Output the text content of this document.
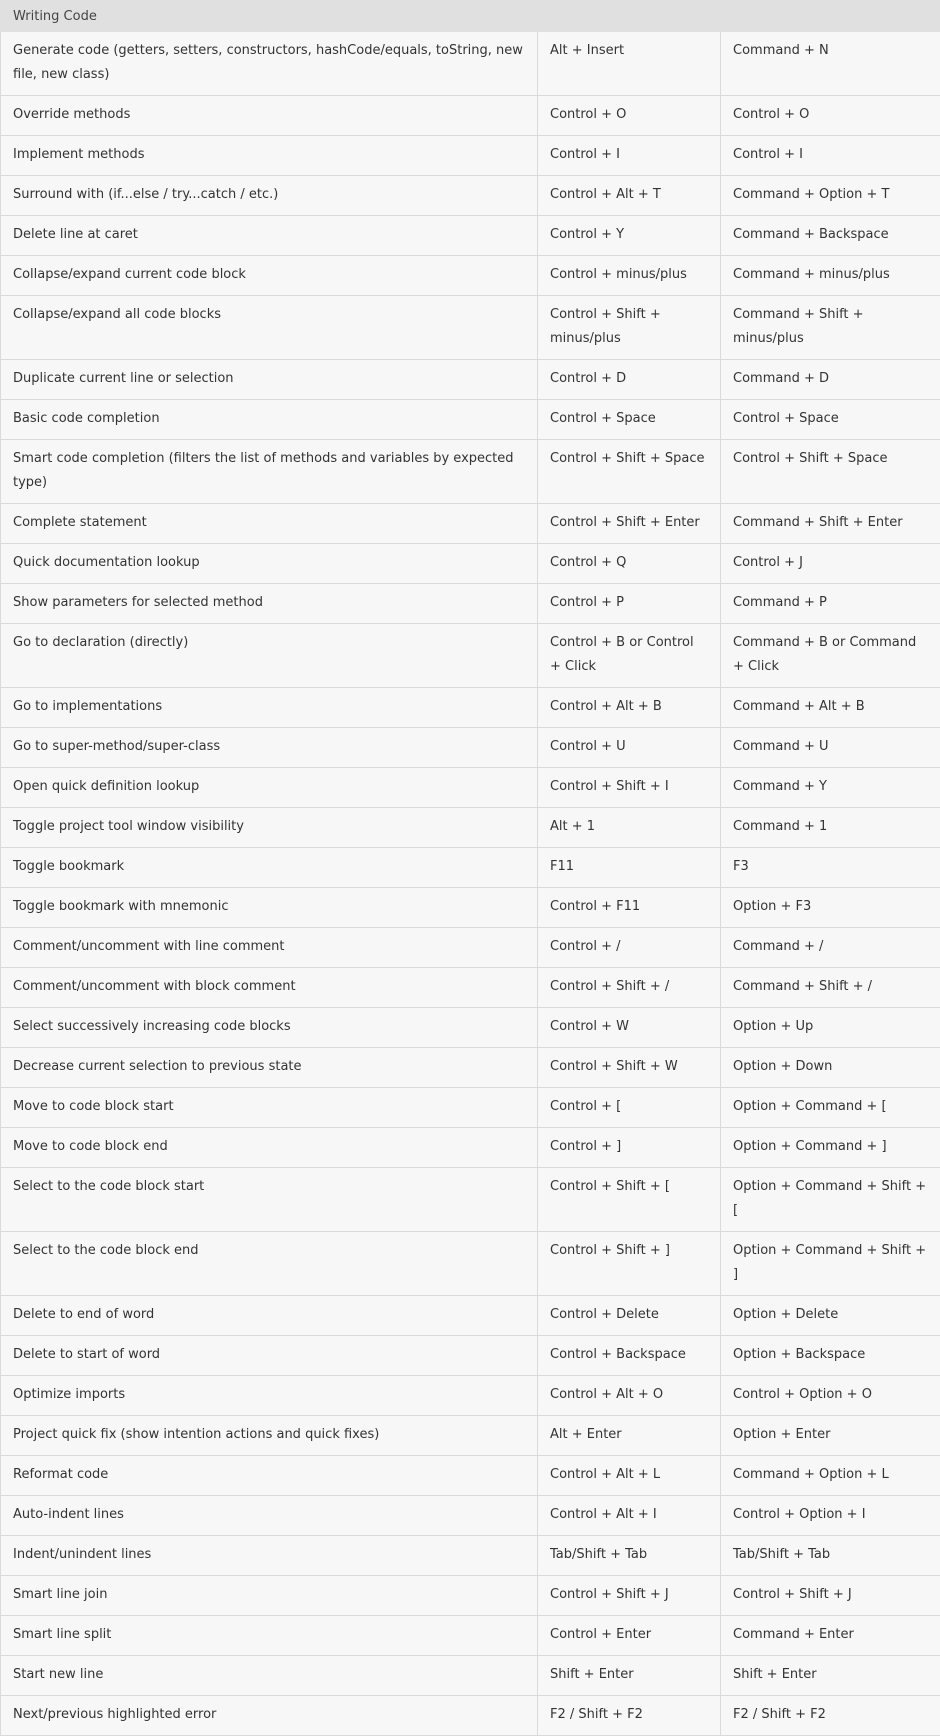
Writing Code		
Generate code (getters, setters, constructors, hashCode/equals, toString, new file, new class)	Alt + Insert	Command + N
Override methods	Control + O	Control + O
Implement methods	Control + I	Control + I
Surround with (if...else / try...catch / etc.)	Control + Alt + T	Command + Option + T
Delete line at caret	Control + Y	Command + Backspace
Collapse/expand current code block	Control + minus/plus	Command + minus/plus
Collapse/expand all code blocks	Control + Shift + minus/plus	Command + Shift + minus/plus
Duplicate current line or selection	Control + D	Command + D
Basic code completion	Control + Space	Control + Space
Smart code completion (filters the list of methods and variables by expected type)	Control + Shift + Space	Control + Shift + Space
Complete statement	Control + Shift + Enter	Command + Shift + Enter
Quick documentation lookup	Control + Q	Control + J
Show parameters for selected method	Control + P	Command + P
Go to declaration (directly)	Control + B or Control + Click	Command + B or Command + Click
Go to implementations	Control + Alt + B	Command + Alt + B
Go to super-method/super-class	Control + U	Command + U
Open quick definition lookup	Control + Shift + I	Command + Y
Toggle project tool window visibility	Alt + 1	Command + 1
Toggle bookmark	F11	F3
Toggle bookmark with mnemonic	Control + F11	Option + F3
Comment/uncomment with line comment	Control + /	Command + /
Comment/uncomment with block comment	Control + Shift + /	Command + Shift + /
Select successively increasing code blocks	Control + W	Option + Up
Decrease current selection to previous state	Control + Shift + W	Option + Down
Move to code block start	Control + [	Option + Command + [
Move to code block end	Control + ]	Option + Command + ]
Select to the code block start	Control + Shift + [	Option + Command + Shift + [
Select to the code block end	Control + Shift + ]	Option + Command + Shift + ]
Delete to end of word	Control + Delete	Option + Delete
Delete to start of word	Control + Backspace	Option + Backspace
Optimize imports	Control + Alt + O	Control + Option + O
Project quick fix (show intention actions and quick fixes)	Alt + Enter	Option + Enter
Reformat code	Control + Alt + L	Command + Option + L
Auto-indent lines	Control + Alt + I	Control + Option + I
Indent/unindent lines	Tab/Shift + Tab	Tab/Shift + Tab
Smart line join	Control + Shift + J	Control + Shift + J
Smart line split	Control + Enter	Command + Enter
Start new line	Shift + Enter	Shift + Enter
Next/previous highlighted error	F2 / Shift + F2	F2 / Shift + F2
